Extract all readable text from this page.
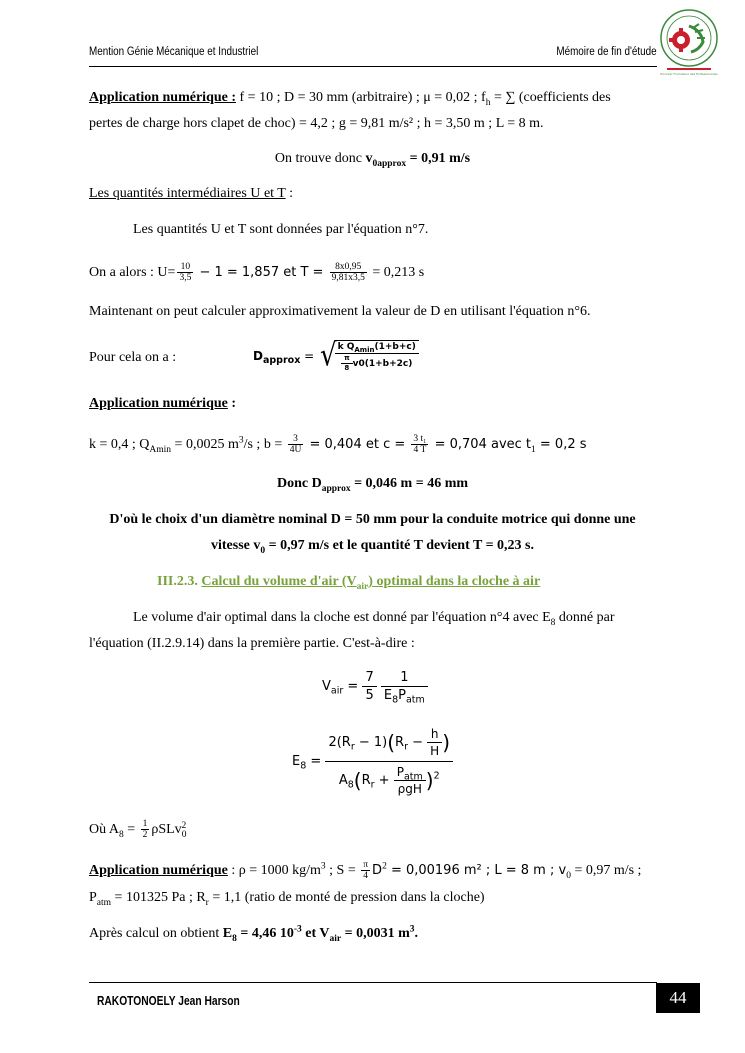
Mention Génie Mécanique et Industriel	Mémoire de fin d'étude
Pionnier Formateur des Professionnels
Application numérique : f = 10 ; D = 30 mm (arbitraire) ; μ = 0,02 ; $f_h$ = ∑ (coefficients des
pertes de charge hors clapet de choc) = 4,2 ; g = 9,81 m/s² ; h = 3,50 m ; L = 8 m.
On trouve donc $v_{0approx} = 0,91$ m/s
Les quantités intermédiaires U et T :
Les quantités U et T sont données par l'équation n°7.
On a alors : $U= \frac{10}{3,5} - 1 = 1,857$ et $T = \frac{8x0,95}{9,81x3,5} = 0,213$ s
Maintenant on peut calculer approximativement la valeur de D en utilisant l'équation n°6.
Pour cela on a :	$D_{approx}$ = √ k $Q_{Amin}(1+b+c)$
$\frac{\pi}{8} v0(1+b+2c)$
Application numérique :
k = 0,4 ; $Q_{Amin} = 0,0025$ $m^3/s$ ; $b = \frac{3}{4U} = 0,404$ et $c = \frac{\text{3 t₁}}{4 T} = 0,704$ avec $t_1 = 0,2$ s
Donc $D_{approx} = 0,046$ m = 46 mm
D'où le choix d'un diamètre nominal D = 50 mm pour la conduite motrice qui donne une
vitesse $v_0 = 0,97$ m/s et le quantité T devient T = 0,23 s.
III.2.3. Calcul du volume d'air $(V_{air})$ optimal dans la cloche à air
Le volume d'air optimal dans la cloche est donné par l'équation n°4 avec $E_8$ donné par
l'équation (II.2.9.14) dans la première partie. C'est-à-dire :
$V_{air} = \frac{7}{5}$
	1
$E_8P_{atm}$
$E_8$ =
$2(R_r - 1)(R_r - \frac{h}{H}$ )
$A_8(R_r$ +
$P_{atm}$
ρgH )$^2$
Où $A_8 = \frac{1}{2} \rho SLv_0^2$
Application numérique : ρ = 1000 $kg/m^3$ ; $S = \frac{\pi}{4} D^2 = 0,00196$ m² ; L = 8 m ; $v_0 = 0,97$ m/s ;
$P_{atm} = 101325$ Pa ; $R_r = 1,1$ (ratio de monté de pression dans la cloche)
Après calcul on obtient $E_8 = 4,46$ $10^{-3}$ et $V_{air} = 0,0031$ $m^3$.
RAKOTONOELY Jean Harson	44
